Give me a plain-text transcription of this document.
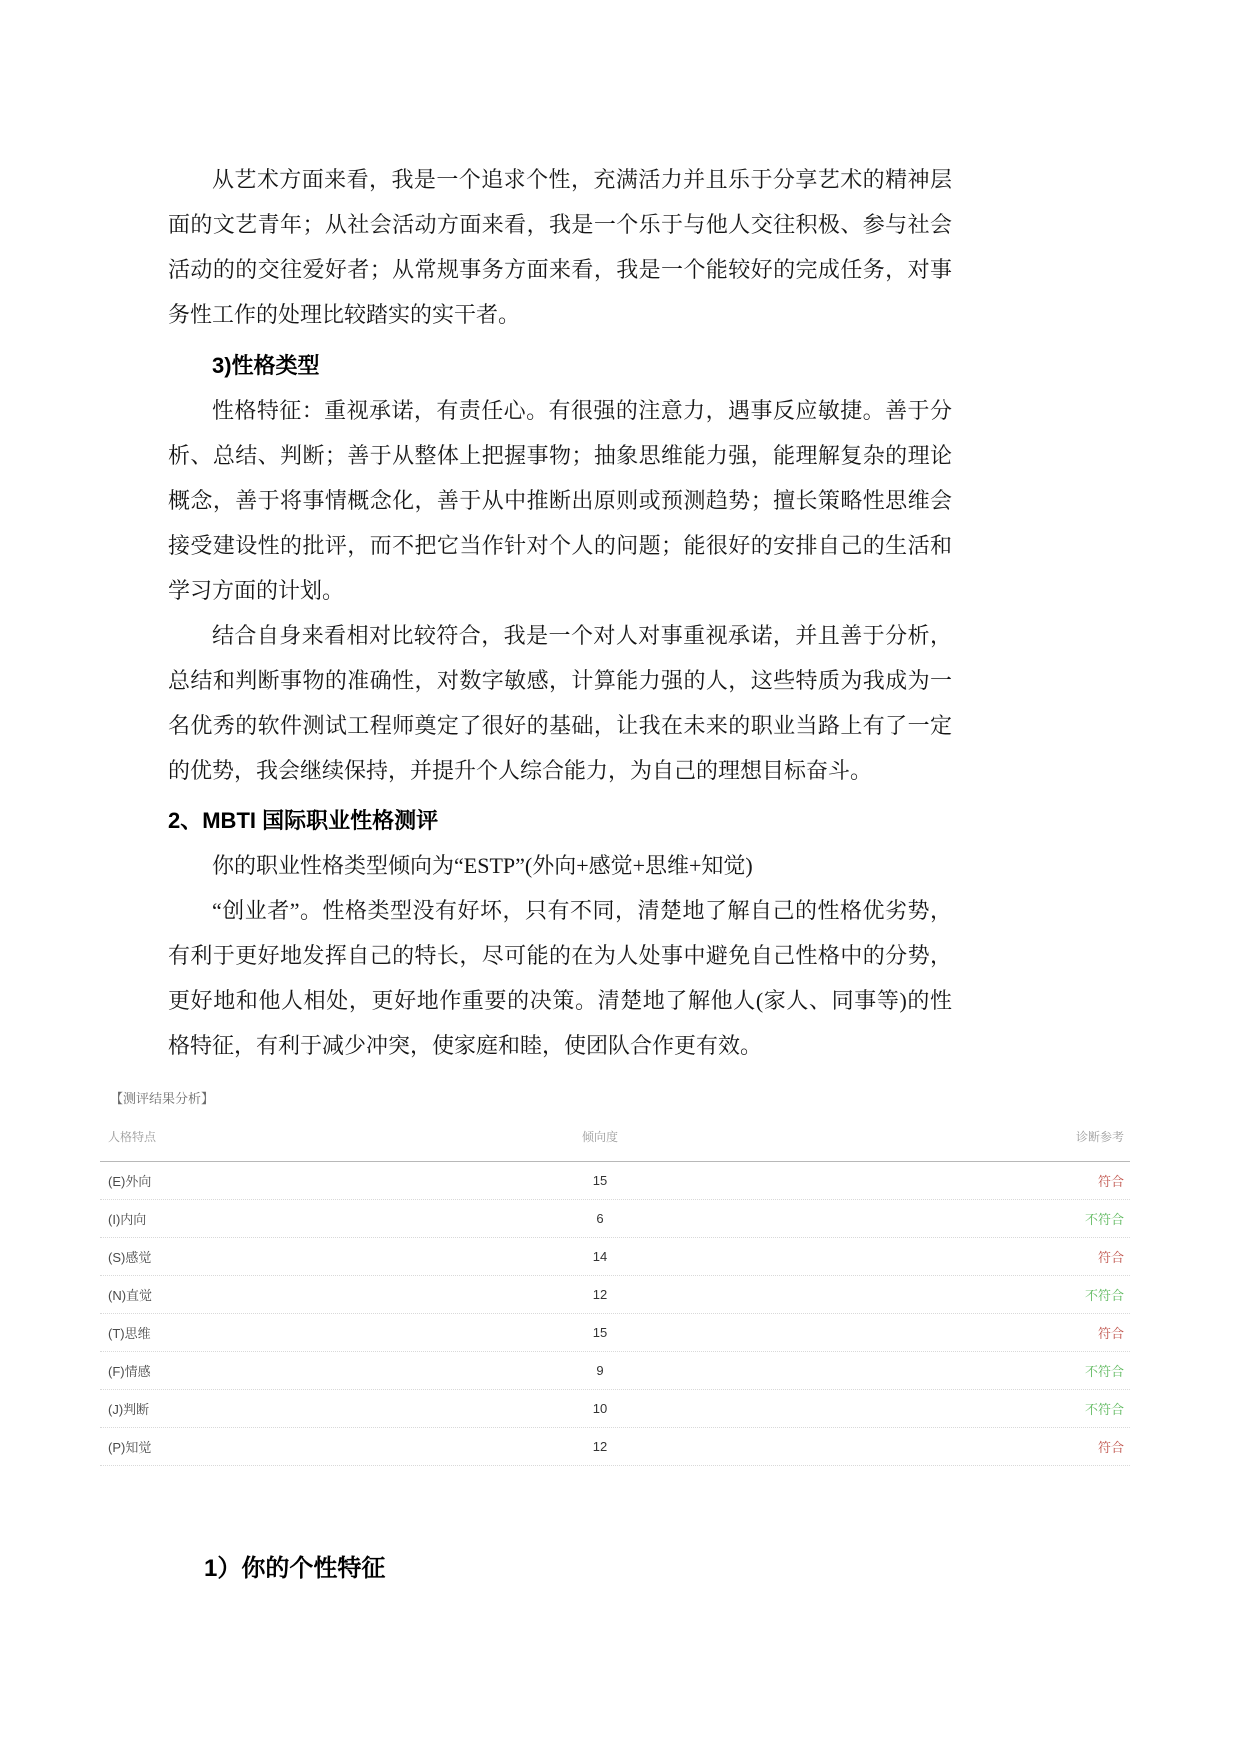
从艺术方面来看，我是一个追求个性，充满活力并且乐于分享艺术的精神层面的文艺青年；从社会活动方面来看，我是一个乐于与他人交往积极、参与社会活动的的交往爱好者；从常规事务方面来看，我是一个能较好的完成任务，对事务性工作的处理比较踏实的实干者。

3)性格类型

性格特征：重视承诺，有责任心。有很强的注意力，遇事反应敏捷。善于分析、总结、判断；善于从整体上把握事物；抽象思维能力强，能理解复杂的理论概念，善于将事情概念化，善于从中推断出原则或预测趋势；擅长策略性思维会接受建设性的批评，而不把它当作针对个人的问题；能很好的安排自己的生活和学习方面的计划。

结合自身来看相对比较符合，我是一个对人对事重视承诺，并且善于分析，总结和判断事物的准确性，对数字敏感，计算能力强的人，这些特质为我成为一名优秀的软件测试工程师奠定了很好的基础，让我在未来的职业当路上有了一定的优势，我会继续保持，并提升个人综合能力，为自己的理想目标奋斗。

2、MBTI 国际职业性格测评

你的职业性格类型倾向为“ESTP”(外向+感觉+思维+知觉)

“创业者”。性格类型没有好坏，只有不同，清楚地了解自己的性格优劣势，有利于更好地发挥自己的特长，尽可能的在为人处事中避免自己性格中的分势，更好地和他人相处，更好地作重要的决策。清楚地了解他人(家人、同事等)的性格特征，有利于减少冲突，使家庭和睦，使团队合作更有效。

【测评结果分析】
人格特点	倾向度	诊断参考
(E)外向	15	符合
(I)内向	6	不符合
(S)感觉	14	符合
(N)直觉	12	不符合
(T)思维	15	符合
(F)情感	9	不符合
(J)判断	10	不符合
(P)知觉	12	符合
1）你的个性特征
